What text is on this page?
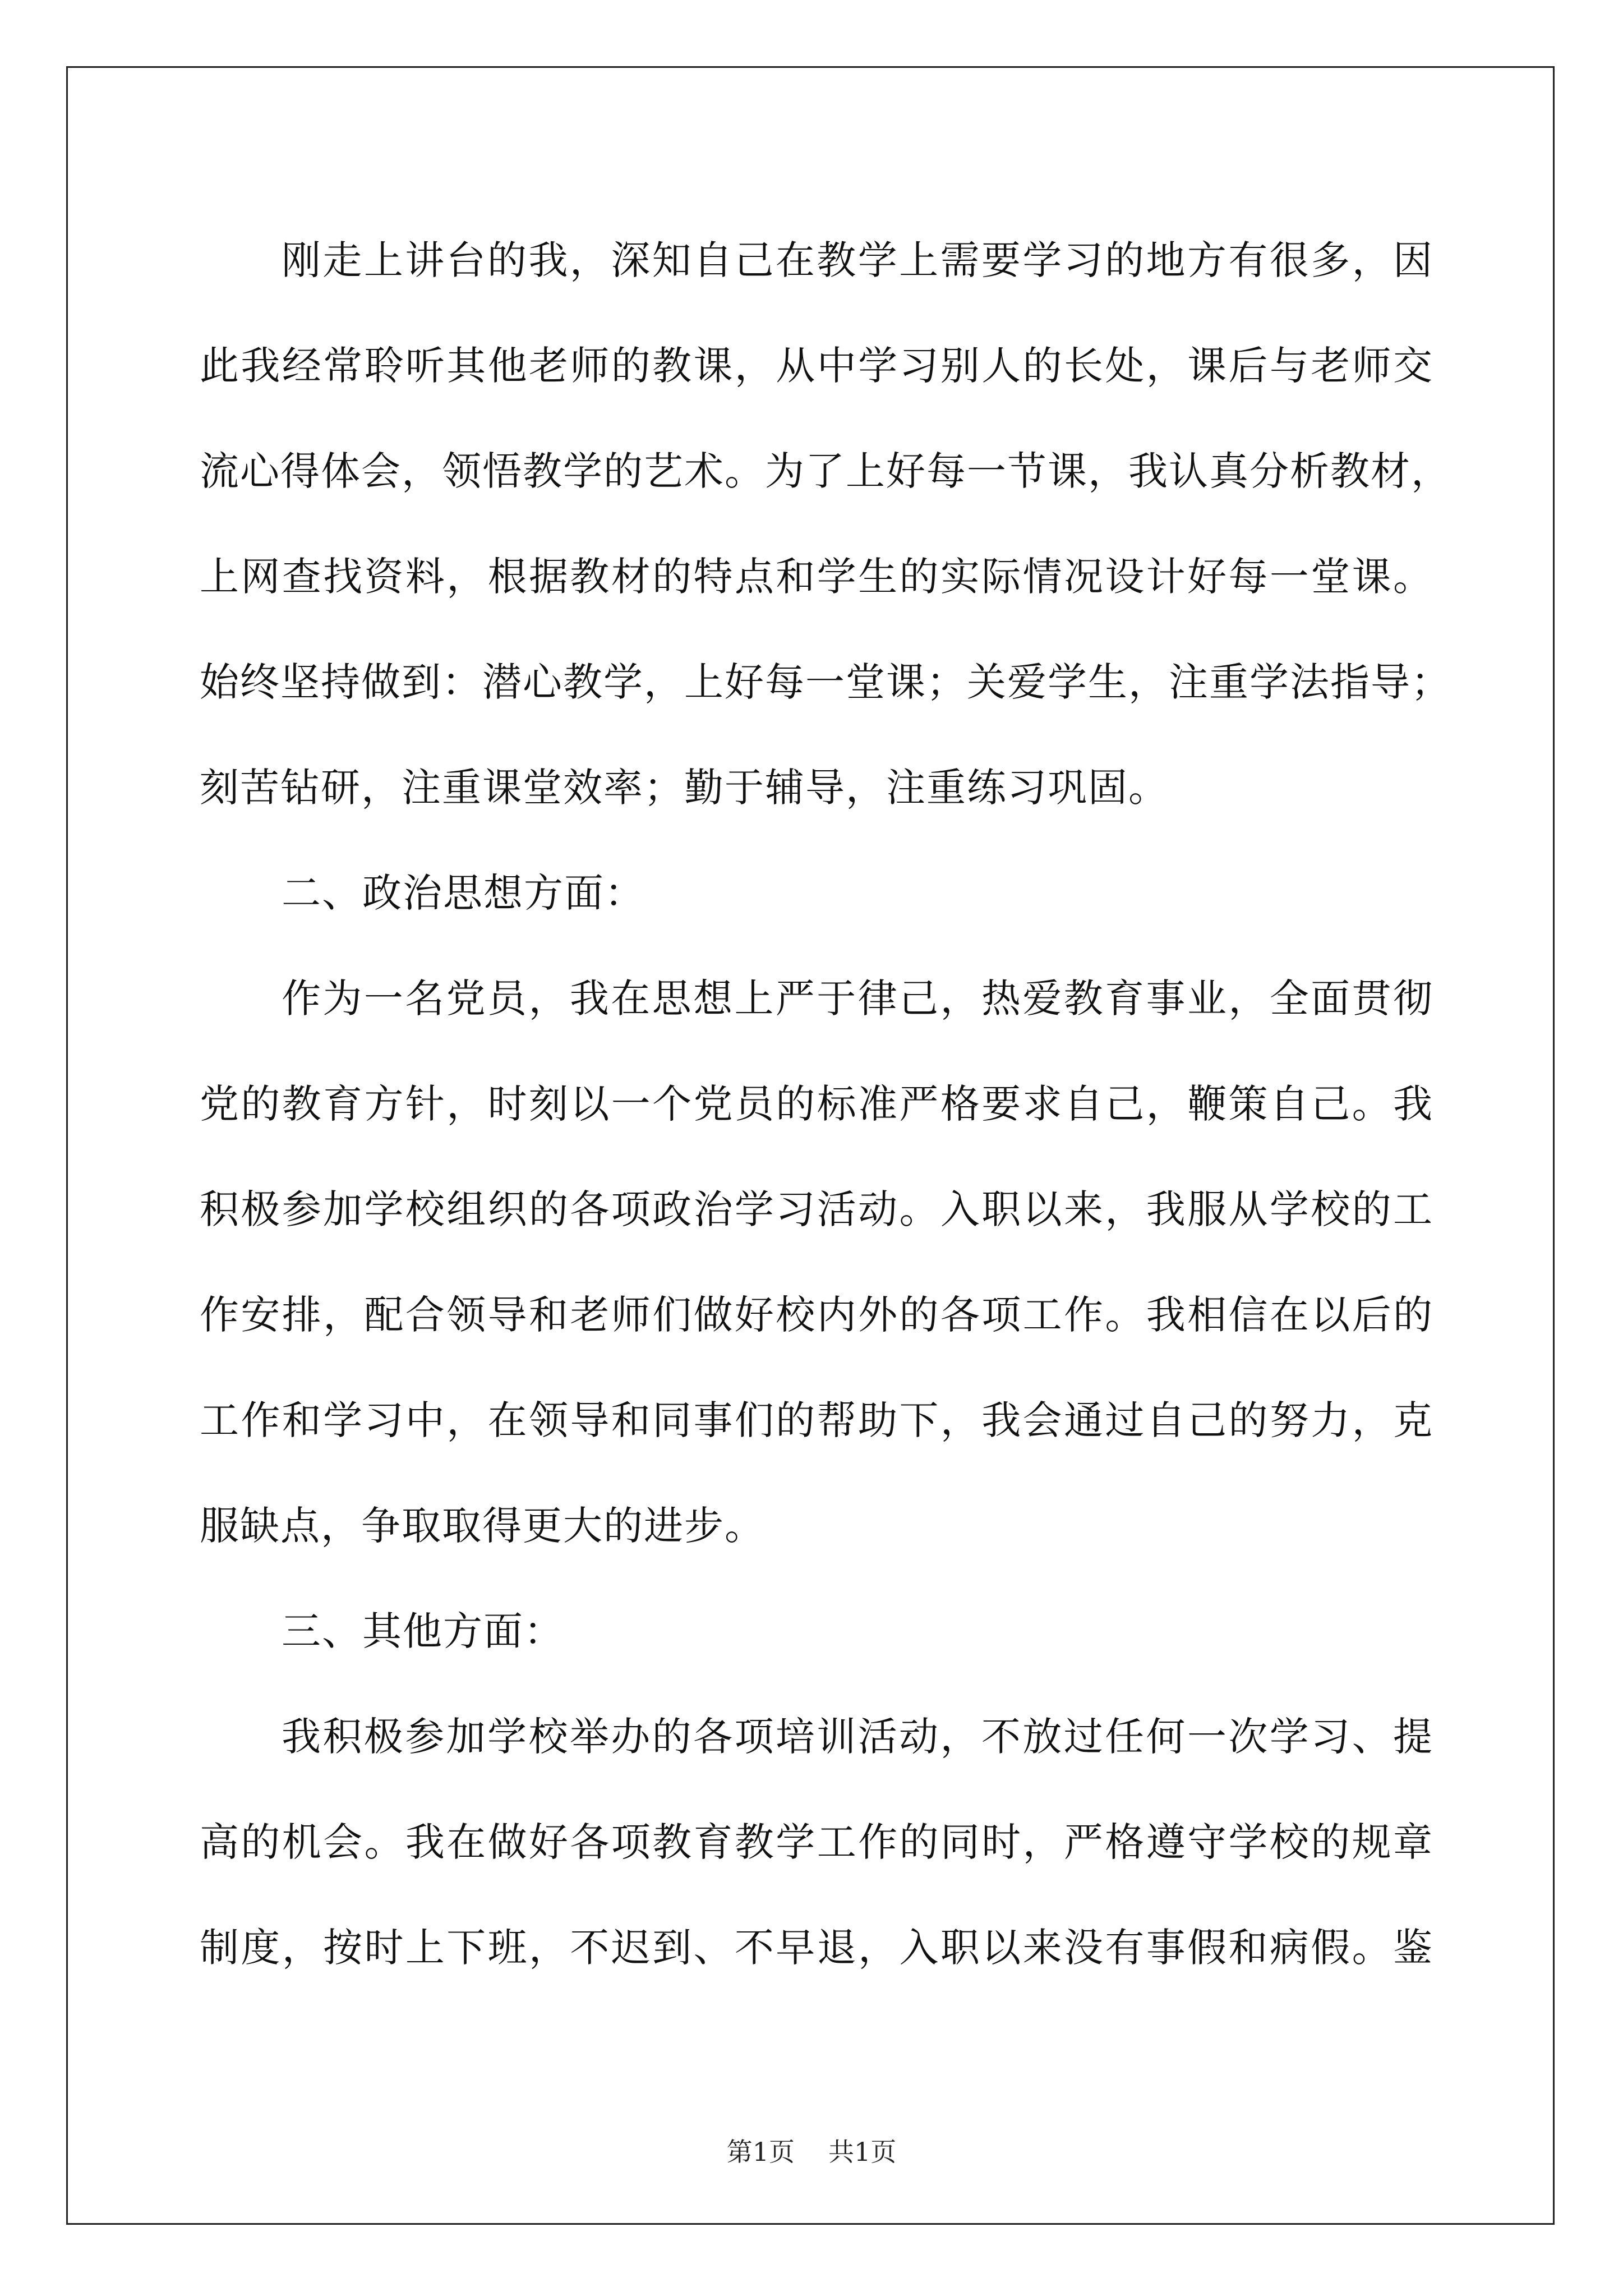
刚走上讲台的我，深知自己在教学上需要学习的地方有很多，因
此我经常聆听其他老师的教课，从中学习别人的长处，课后与老师交
流心得体会，领悟教学的艺术。为了上好每一节课，我认真分析教材，
上网查找资料，根据教材的特点和学生的实际情况设计好每一堂课。
始终坚持做到：潜心教学，上好每一堂课；关爱学生，注重学法指导；
刻苦钻研，注重课堂效率；勤于辅导，注重练习巩固。
二、政治思想方面：
作为一名党员，我在思想上严于律己，热爱教育事业，全面贯彻
党的教育方针，时刻以一个党员的标准严格要求自己，鞭策自己。我
积极参加学校组织的各项政治学习活动。入职以来，我服从学校的工
作安排，配合领导和老师们做好校内外的各项工作。我相信在以后的
工作和学习中，在领导和同事们的帮助下，我会通过自己的努力，克
服缺点，争取取得更大的进步。
三、其他方面：
我积极参加学校举办的各项培训活动，不放过任何一次学习、提
高的机会。我在做好各项教育教学工作的同时，严格遵守学校的规章
制度，按时上下班，不迟到、不早退，入职以来没有事假和病假。鉴
第1页 共1页
